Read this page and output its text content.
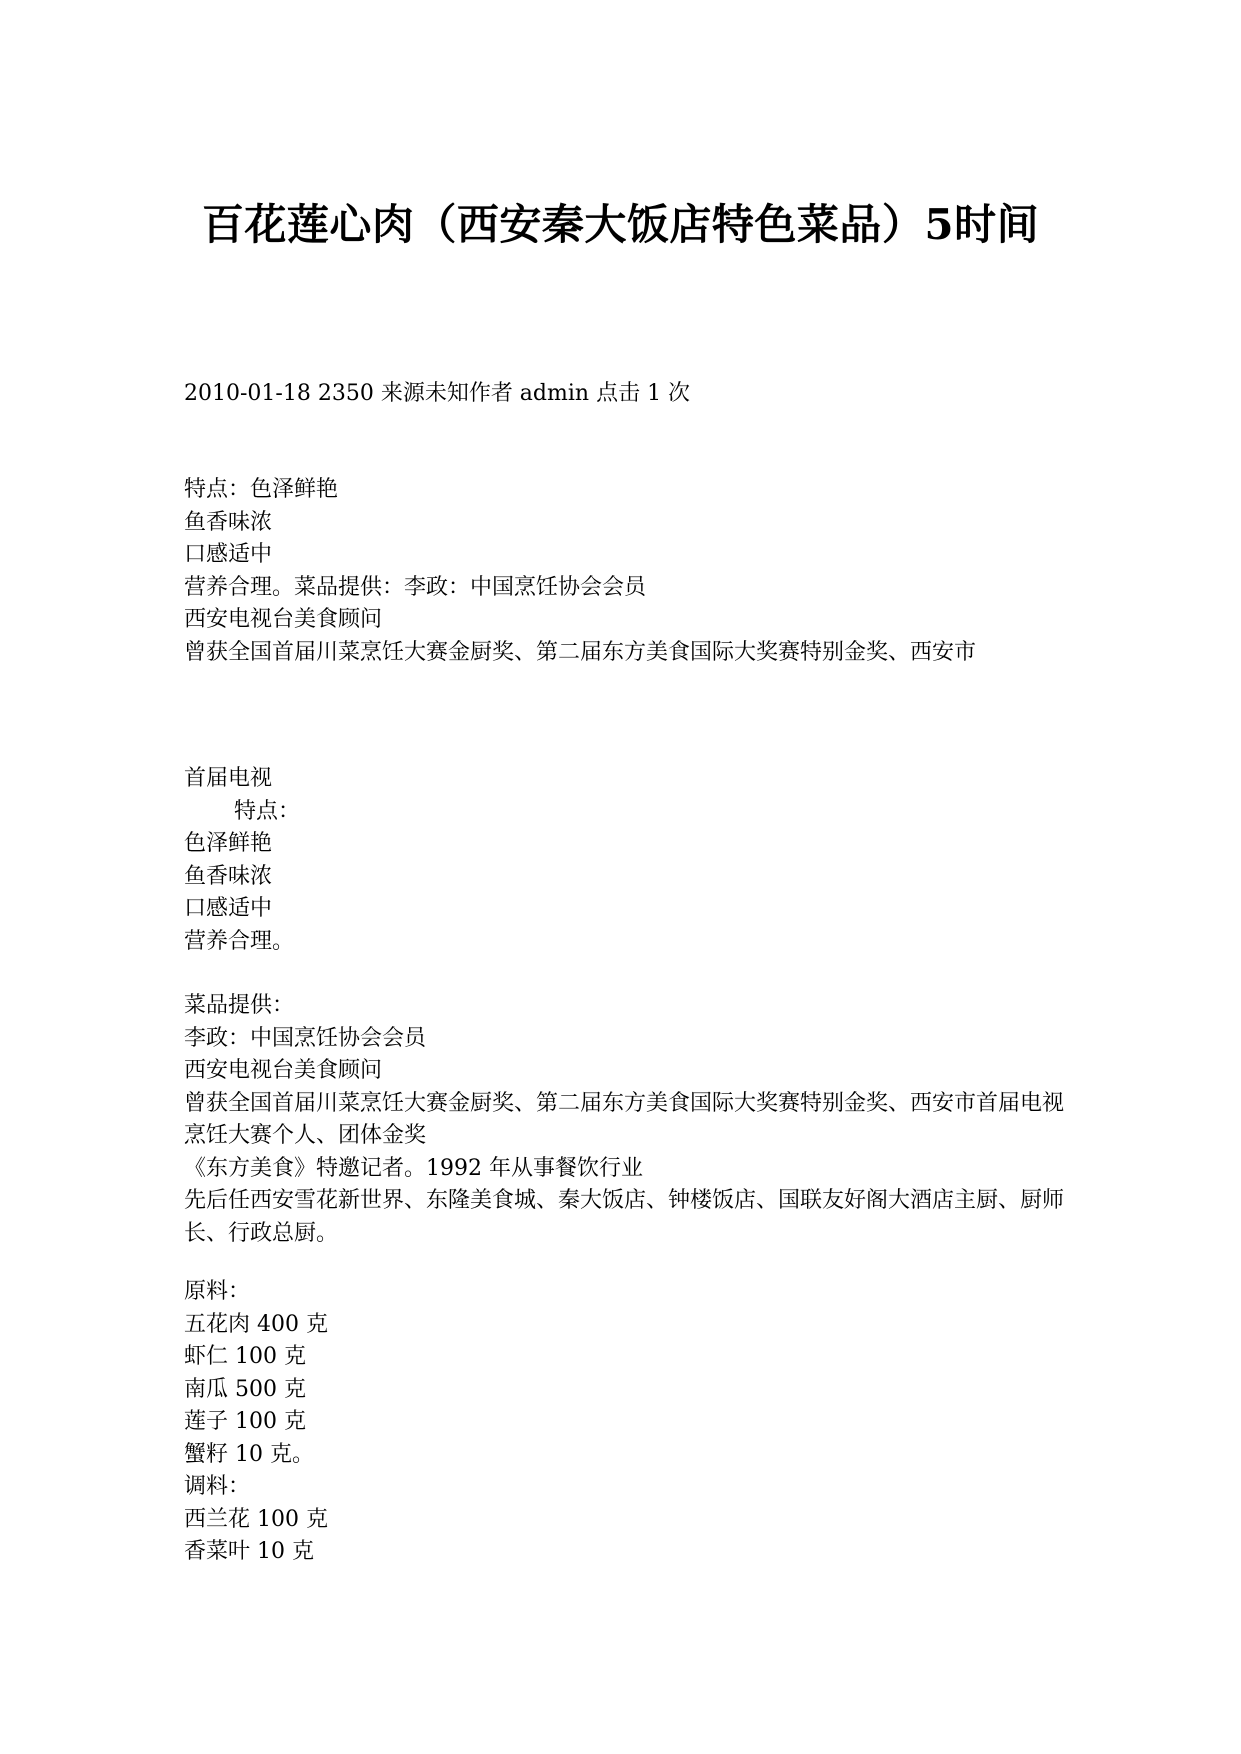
百花莲心肉（西安秦大饭店特色菜品）5时间

2010-01-18 2350 来源未知作者 admin 点击 1 次

特点：色泽鲜艳
鱼香味浓
口感适中
营养合理。菜品提供：李政：中国烹饪协会会员
西安电视台美食顾问
曾获全国首届川菜烹饪大赛金厨奖、第二届东方美食国际大奖赛特别金奖、西安市
首届电视
特点：
色泽鲜艳
鱼香味浓
口感适中
营养合理。
菜品提供：
李政：中国烹饪协会会员
西安电视台美食顾问
曾获全国首届川菜烹饪大赛金厨奖、第二届东方美食国际大奖赛特别金奖、西安市首届电视烹饪大赛个人、团体金奖
《东方美食》特邀记者。1992 年从事餐饮行业
先后任西安雪花新世界、东隆美食城、秦大饭店、钟楼饭店、国联友好阁大酒店主厨、厨师长、行政总厨。
原料：
五花肉 400 克
虾仁 100 克
南瓜 500 克
莲子 100 克
蟹籽 10 克。
调料：
西兰花 100 克
香菜叶 10 克
